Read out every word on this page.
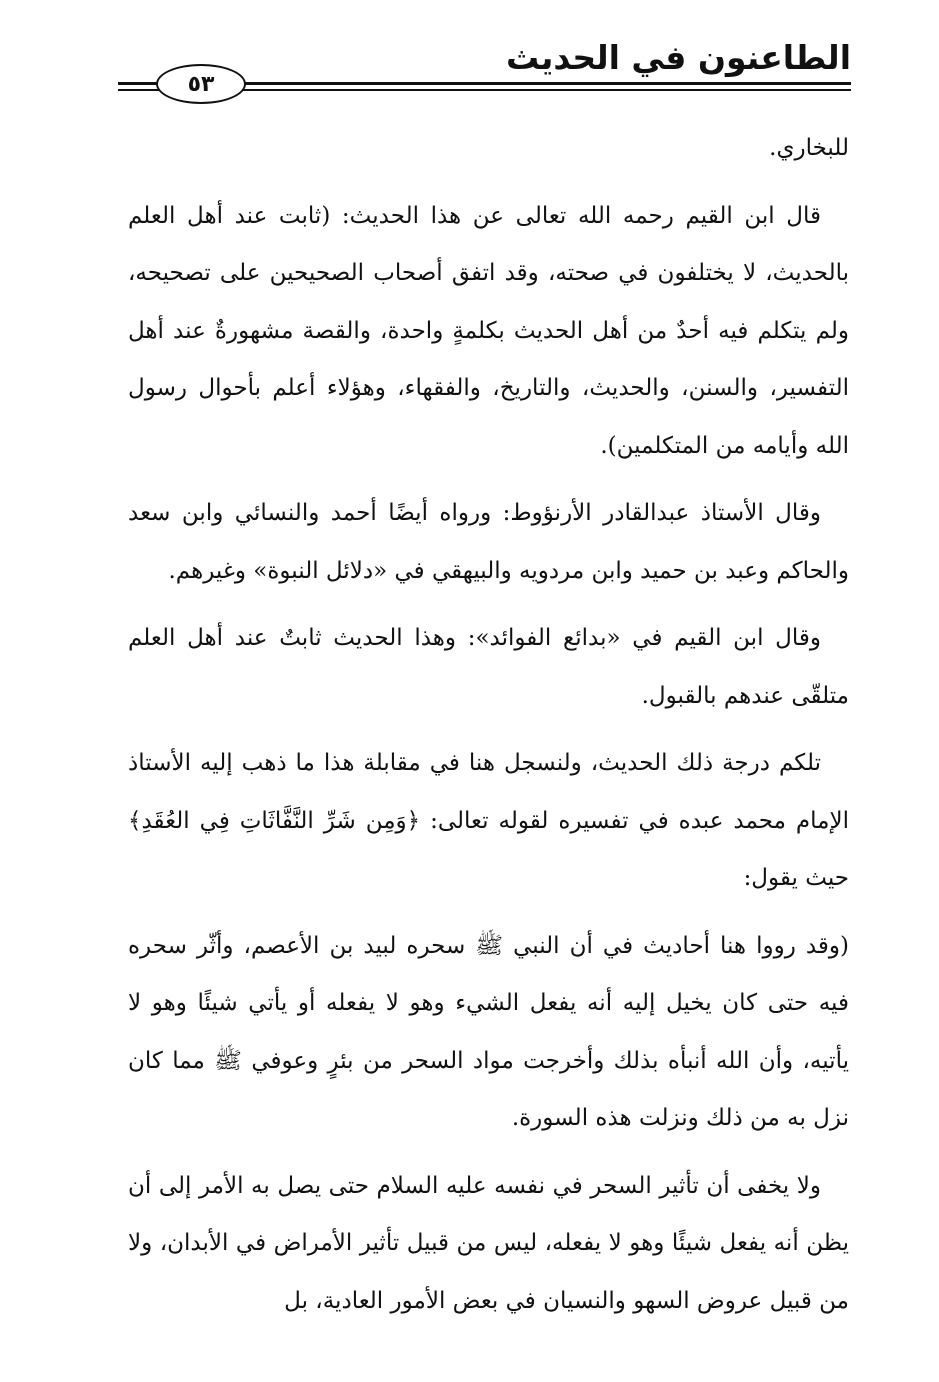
الطاعنون في الحديث
٥٣

للبخاري.

قال ابن القيم رحمه الله تعالى عن هذا الحديث: (ثابت عند أهل العلم بالحديث، لا يختلفون في صحته، وقد اتفق أصحاب الصحيحين على تصحيحه، ولم يتكلم فيه أحدٌ من أهل الحديث بكلمةٍ واحدة، والقصة مشهورةٌ عند أهل التفسير، والسنن، والحديث، والتاريخ، والفقهاء، وهؤلاء أعلم بأحوال رسول الله وأيامه من المتكلمين).

وقال الأستاذ عبدالقادر الأرنؤوط: ورواه أيضًا أحمد والنسائي وابن سعد والحاكم وعبد بن حميد وابن مردويه والبيهقي في «دلائل النبوة» وغيرهم.

وقال ابن القيم في «بدائع الفوائد»: وهذا الحديث ثابتٌ عند أهل العلم متلقّى عندهم بالقبول.

تلكم درجة ذلك الحديث، ولنسجل هنا في مقابلة هذا ما ذهب إليه الأستاذ الإمام محمد عبده في تفسيره لقوله تعالى: ﴿وَمِن شَرِّ النَّفَّاثَاتِ فِي العُقَدِ﴾ حيث يقول:

(وقد رووا هنا أحاديث في أن النبي ﷺ سحره لبيد بن الأعصم، وأثّر سحره فيه حتى كان يخيل إليه أنه يفعل الشيء وهو لا يفعله أو يأتي شيئًا وهو لا يأتيه، وأن الله أنبأه بذلك وأخرجت مواد السحر من بئرٍ وعوفي ﷺ مما كان نزل به من ذلك ونزلت هذه السورة.

ولا يخفى أن تأثير السحر في نفسه عليه السلام حتى يصل به الأمر إلى أن يظن أنه يفعل شيئًا وهو لا يفعله، ليس من قبيل تأثير الأمراض في الأبدان، ولا من قبيل عروض السهو والنسيان في بعض الأمور العادية، بل
